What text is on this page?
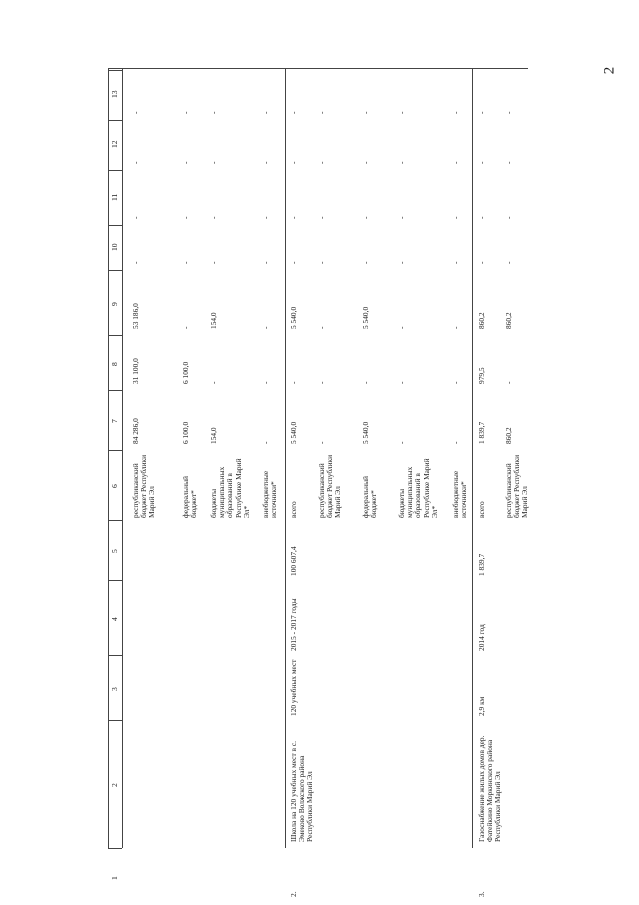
2
1
2
3
4
5
6
7
8
9
10
11
12
13
республиканский бюджет Республики Марий Эл
84 286,0
31 100,0
53 186,0
-
-
-
-
федеральный бюджет*
6 100,0
6 100,0
-
-
-
-
-
бюджеты муниципальных образований в Республике Марий Эл*
154,0
-
154,0
-
-
-
-
внебюджетные источники*
-
-
-
-
-
-
-
2.
Школа на 120 учебных мест в с. Эмеково Волжского района Республики Марий Эл
120 учебных мест
2015 - 2017 годы
100 607,4
всего
5 540,0
-
5 540,0
-
-
-
-
республиканский бюджет Республики Марий Эл
-
-
-
-
-
-
-
федеральный бюджет*
5 540,0
-
5 540,0
-
-
-
-
бюджеты муниципальных образований в Республике Марий Эл*
-
-
-
-
-
-
-
внебюджетные источники*
-
-
-
-
-
-
-
3.
Газоснабжение жилых домов дер. Фатейкино Моркинского района Республики Марий Эл
2,9 км
2014 год
1 839,7
всего
1 839,7
979,5
860,2
-
-
-
-
республиканский бюджет Республики Марий Эл
860,2
-
860,2
-
-
-
-
